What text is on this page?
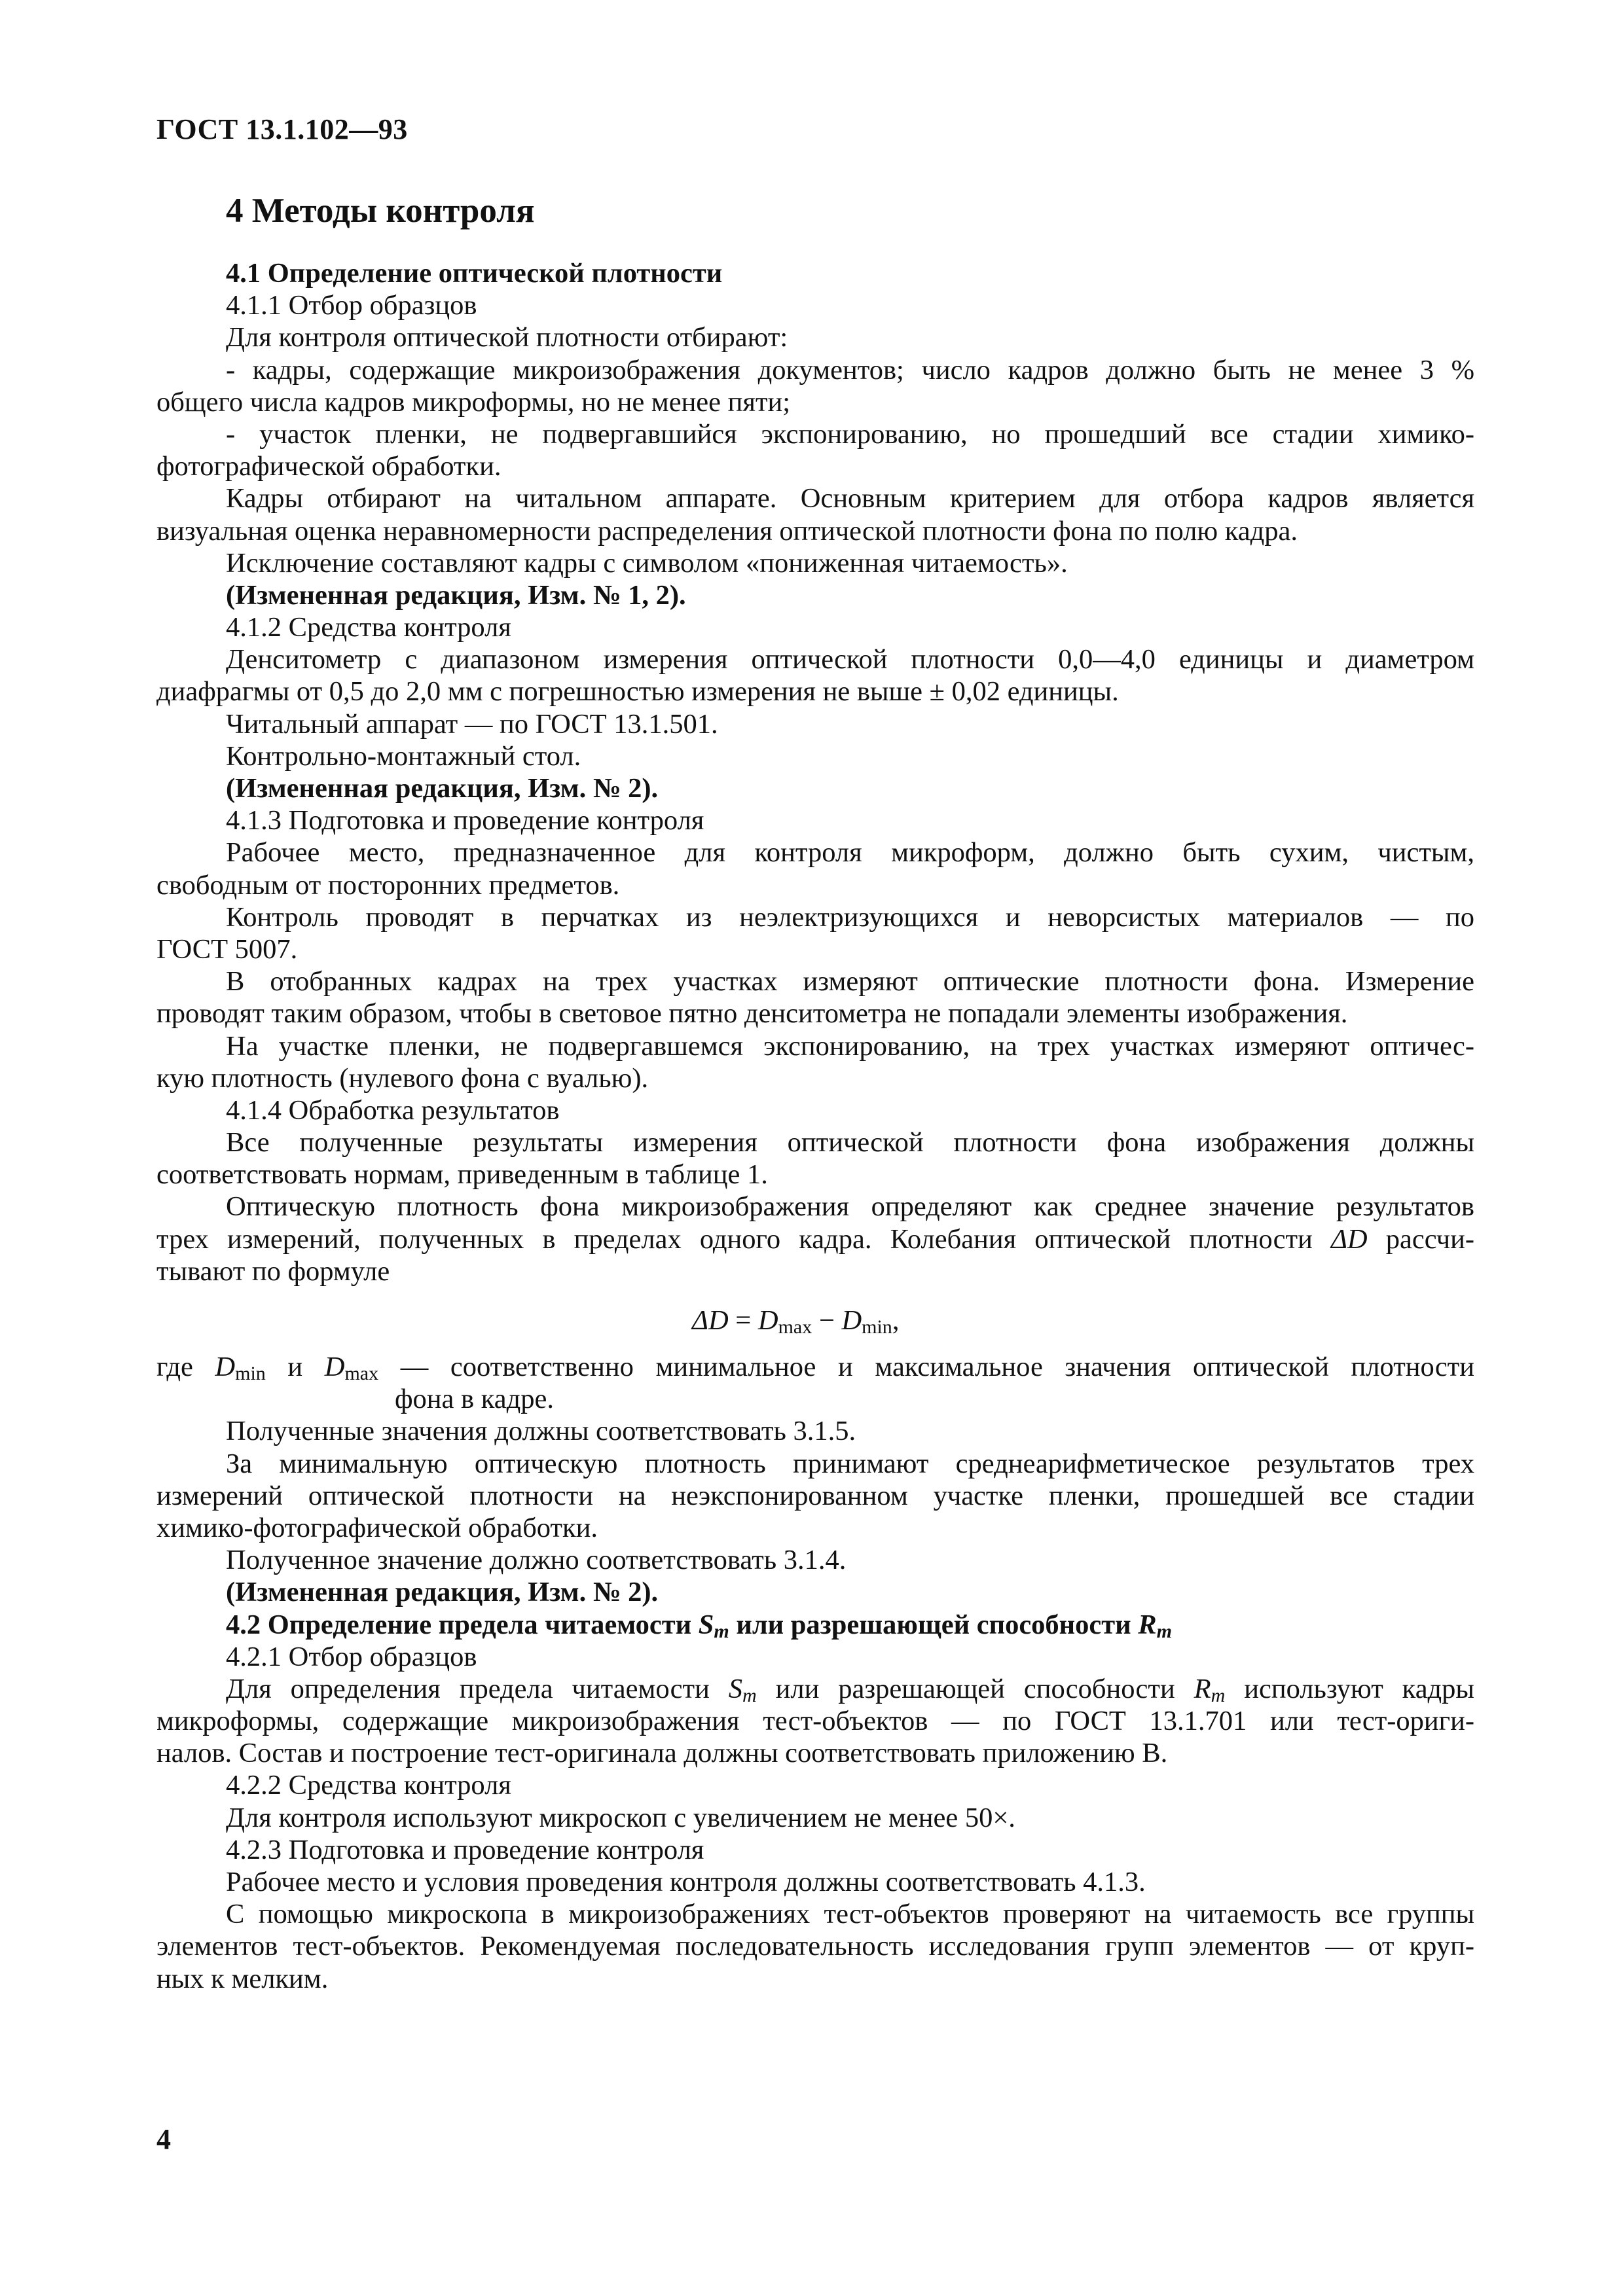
ГОСТ 13.1.102—93
4 Методы контроля
4.1 Определение оптической плотности
4.1.1 Отбор образцов
Для контроля оптической плотности отбирают:
- кадры, содержащие микроизображения документов; число кадров должно быть не менее 3 %
общего числа кадров микроформы, но не менее пяти;
- участок пленки, не подвергавшийся экспонированию, но прошедший все стадии химико-
фотографической обработки.
Кадры отбирают на читальном аппарате. Основным критерием для отбора кадров является
визуальная оценка неравномерности распределения оптической плотности фона по полю кадра.
Исключение составляют кадры с символом «пониженная читаемость».
(Измененная редакция, Изм. № 1, 2).
4.1.2 Средства контроля
Денситометр с диапазоном измерения оптической плотности 0,0—4,0 единицы и диаметром
диафрагмы от 0,5 до 2,0 мм с погрешностью измерения не выше ± 0,02 единицы.
Читальный аппарат — по ГОСТ 13.1.501.
Контрольно-монтажный стол.
(Измененная редакция, Изм. № 2).
4.1.3 Подготовка и проведение контроля
Рабочее место, предназначенное для контроля микроформ, должно быть сухим, чистым,
свободным от посторонних предметов.
Контроль проводят в перчатках из неэлектризующихся и неворсистых материалов — по
ГОСТ 5007.
В отобранных кадрах на трех участках измеряют оптические плотности фона. Измерение
проводят таким образом, чтобы в световое пятно денситометра не попадали элементы изображения.
На участке пленки, не подвергавшемся экспонированию, на трех участках измеряют оптичес-
кую плотность (нулевого фона с вуалью).
4.1.4 Обработка результатов
Все полученные результаты измерения оптической плотности фона изображения должны
соответствовать нормам, приведенным в таблице 1.
Оптическую плотность фона микроизображения определяют как среднее значение результатов
трех измерений, полученных в пределах одного кадра. Колебания оптической плотности ΔD рассчи-
тывают по формуле
$\Delta D = D_{max} - D_{min}$,
где $D_{min}$ и $D_{max}$ — соответственно минимальное и максимальное значения оптической плотности
фона в кадре.
Полученные значения должны соответствовать 3.1.5.
За минимальную оптическую плотность принимают среднеарифметическое результатов трех
измерений оптической плотности на неэкспонированном участке пленки, прошедшей все стадии
химико-фотографической обработки.
Полученное значение должно соответствовать 3.1.4.
(Измененная редакция, Изм. № 2).
4.2 Определение предела читаемости $S_m$ или разрешающей способности $R_m$
4.2.1 Отбор образцов
Для определения предела читаемости $S_m$ или разрешающей способности $R_m$ используют кадры
микроформы, содержащие микроизображения тест-объектов — по ГОСТ 13.1.701 или тест-ориги-
налов. Состав и построение тест-оригинала должны соответствовать приложению В.
4.2.2 Средства контроля
Для контроля используют микроскоп с увеличением не менее 50×.
4.2.3 Подготовка и проведение контроля
Рабочее место и условия проведения контроля должны соответствовать 4.1.3.
С помощью микроскопа в микроизображениях тест-объектов проверяют на читаемость все группы
элементов тест-объектов. Рекомендуемая последовательность исследования групп элементов — от круп-
ных к мелким.
4
